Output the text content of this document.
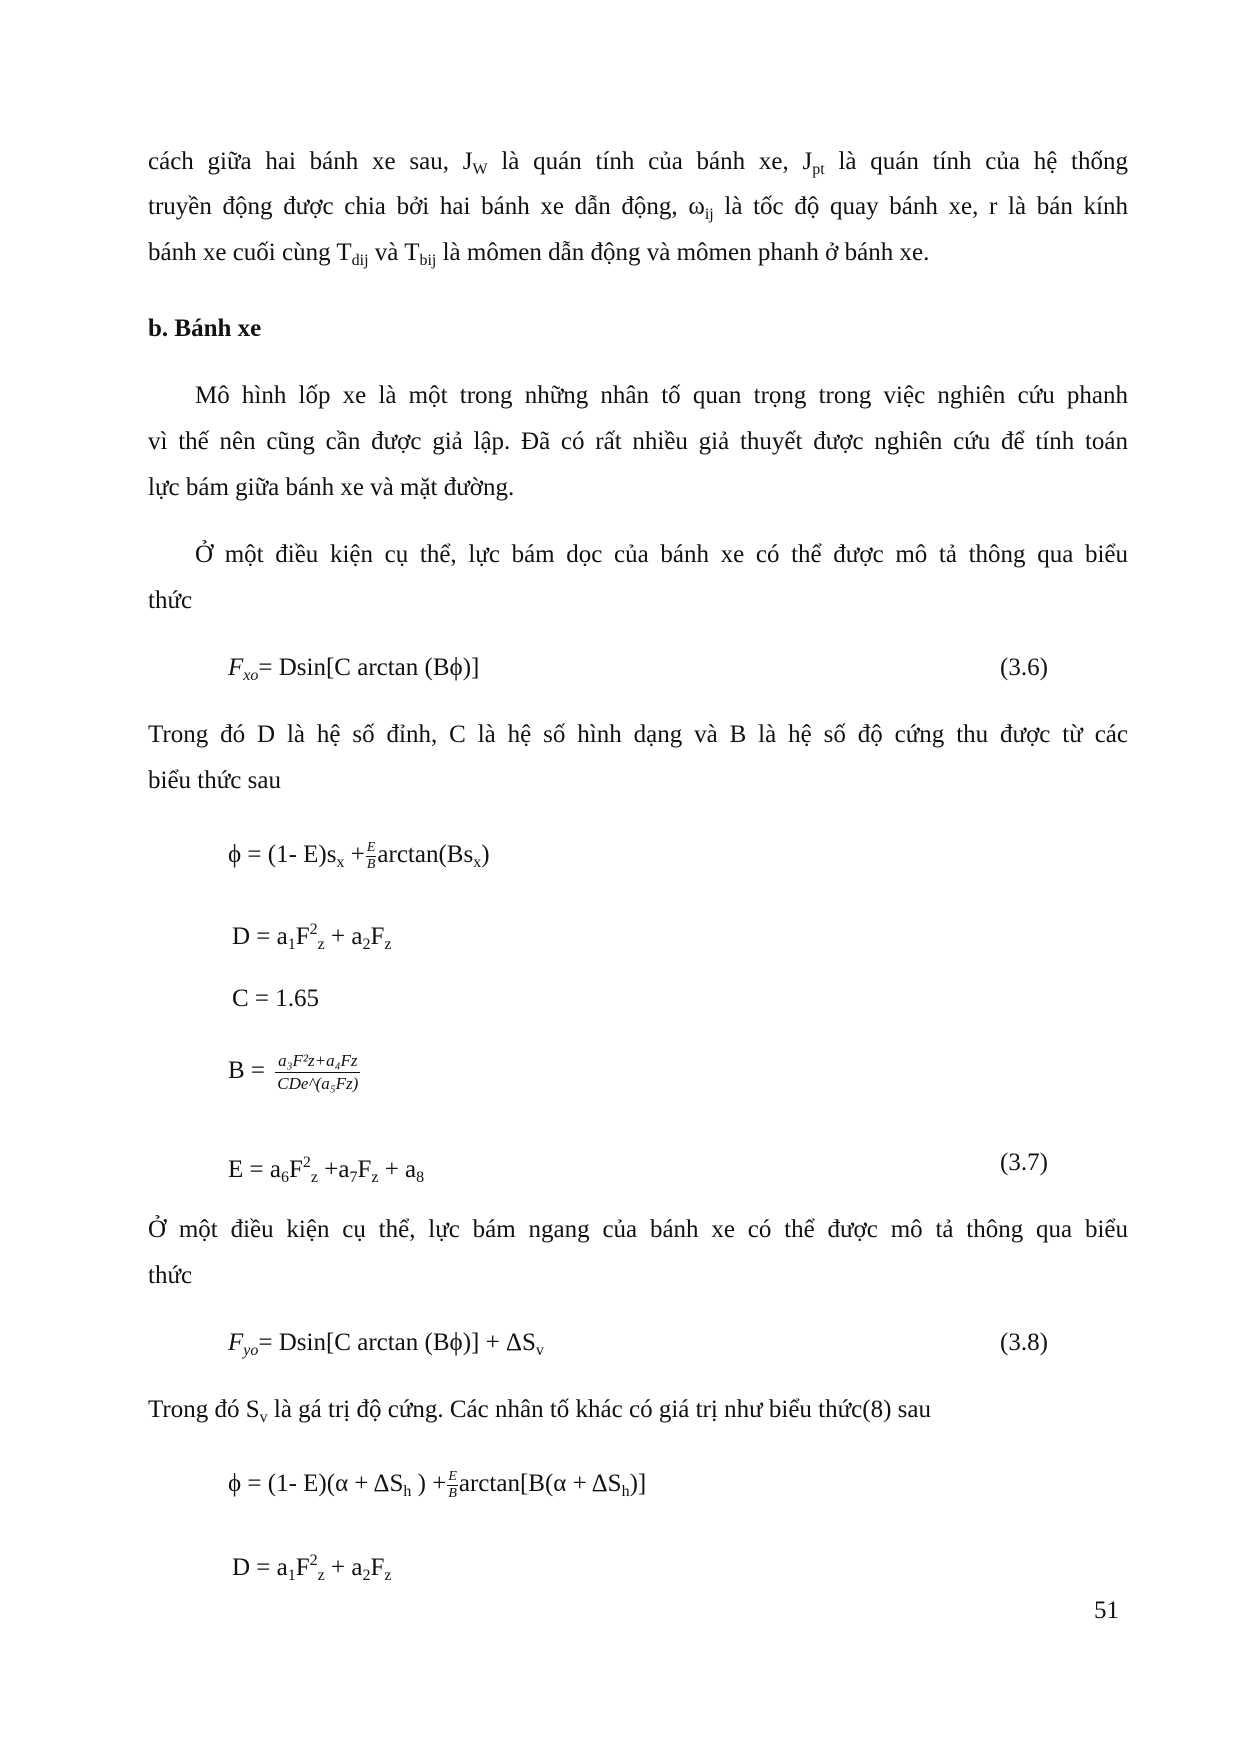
cách giữa hai bánh xe sau, $J_W$ là quán tính của bánh xe, $J_{pt}$ là quán tính của hệ thống
truyền động được chia bởi hai bánh xe dẫn động, $\omega_{ij}$ là tốc độ quay bánh xe, r là bán kính
bánh xe cuối cùng $T_{dij}$ và $T_{bij}$ là mômen dẫn động và mômen phanh ở bánh xe.
b. Bánh xe
Mô hình lốp xe là một trong những nhân tố quan trọng trong việc nghiên cứu phanh
vì thế nên cũng cần được giả lập. Đã có rất nhiều giả thuyết được nghiên cứu để tính toán
lực bám giữa bánh xe và mặt đường.
Ở một điều kiện cụ thể, lực bám dọc của bánh xe có thể được mô tả thông qua biểu
thức
$F_{xo}= Dsin[C$ arctan (Bϕ)]	(3.6)
Trong đó D là hệ số đỉnh, C là hệ số hình dạng và B là hệ số độ cứng thu được từ các
biểu thức sau
ϕ = (1- $E)s_x + \frac{E}{B} \arctan(Bs_x)$
$D = a_1F^2_z + a_2F_z$
C = 1.65
$B = \frac{\text{a₃F²z+a₄Fz}}{\text{CDe\textasciicircum{}(a₅Fz)}}$
$E = a_6F^2_z +a_7F_z + a_8$
(3.7)
Ở một điều kiện cụ thể, lực bám ngang của bánh xe có thể được mô tả thông qua biểu
thức
$F_{yo}= Dsin[C$ $\arctan (B\phi)] + \Delta S_v$	(3.8)
Trong đó $S_v$ là gá trị độ cứng. Các nhân tố khác có giá trị như biểu thức(8) sau
ϕ = (1- $E)(\alpha + \Delta S_h$ ) + $\frac{E}{B} \arctan[B(\alpha + \Delta S_h)]$
$D = a_1F^2_z + a_2F_z$
51
